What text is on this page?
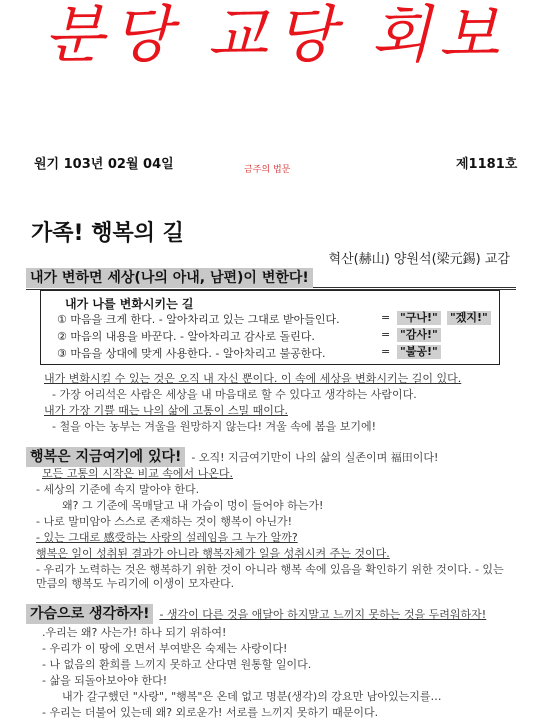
분당 교당 회보
원기 103년 02월 04일	금주의 법문	제1181호
가족! 행복의 길
혁산(赫山) 양원석(梁元錫) 교감
내가 변하면 세상(나의 아내, 남편)이 변한다!
내가 나를 변화시키는 길
① 마음을 크게 한다. - 알아차리고 있는 그대로 받아들인다.	= "구나!" "겠지!"
② 마음의 내용을 바꾼다. - 알아차리고 감사로 돌린다.	= "감사!"
③ 마음을 상대에 맞게 사용한다. - 알아차리고 불공한다.	= "불공!"
내가 변화시킬 수 있는 것은 오직 내 자신 뿐이다. 이 속에 세상을 변화시키는 길이 있다.
- 가장 어리석은 사람은 세상을 내 마음대로 할 수 있다고 생각하는 사람이다.
내가 가장 기쁠 때는 나의 삶에 고통이 스밀 때이다.
- 철을 아는 농부는 겨울을 원망하지 않는다! 겨울 속에 봄을 보기에!
행복은 지금여기에 있다! - 오직! 지금여기만이 나의 삶의 실존이며 福田이다!
모든 고통의 시작은 비교 속에서 나온다.
- 세상의 기준에 속지 말아야 한다.
왜? 그 기준에 목매달고 내 가슴이 멍이 들어야 하는가!
- 나로 말미암아 스스로 존재하는 것이 행복이 아닌가!
- 있는 그대로 感受하는 사랑의 설레임을 그 누가 알까?
행복은 일이 성취된 결과가 아니라 행복자체가 일을 성취시켜 주는 것이다.
- 우리가 노력하는 것은 행복하기 위한 것이 아니라 행복 속에 있음을 확인하기 위한 것이다. - 있는 만큼의 행복도 누리기에 이생이 모자란다.
가슴으로 생각하자! - 생각이 다른 것을 애달아 하지말고 느끼지 못하는 것을 두려워하자!
.우리는 왜? 사는가! 하나 되기 위하여!
- 우리가 이 땅에 오면서 부여받은 숙제는 사랑이다!
- 나 없음의 환희를 느끼지 못하고 산다면 원통할 일이다.
- 삶을 되돌아보아야 한다!
내가 갈구했던 "사랑", "행복"은 온데 없고 명분(생각)의 강요만 남아있는지를…
- 우리는 더불어 있는데 왜? 외로운가! 서로를 느끼지 못하기 때문이다.
